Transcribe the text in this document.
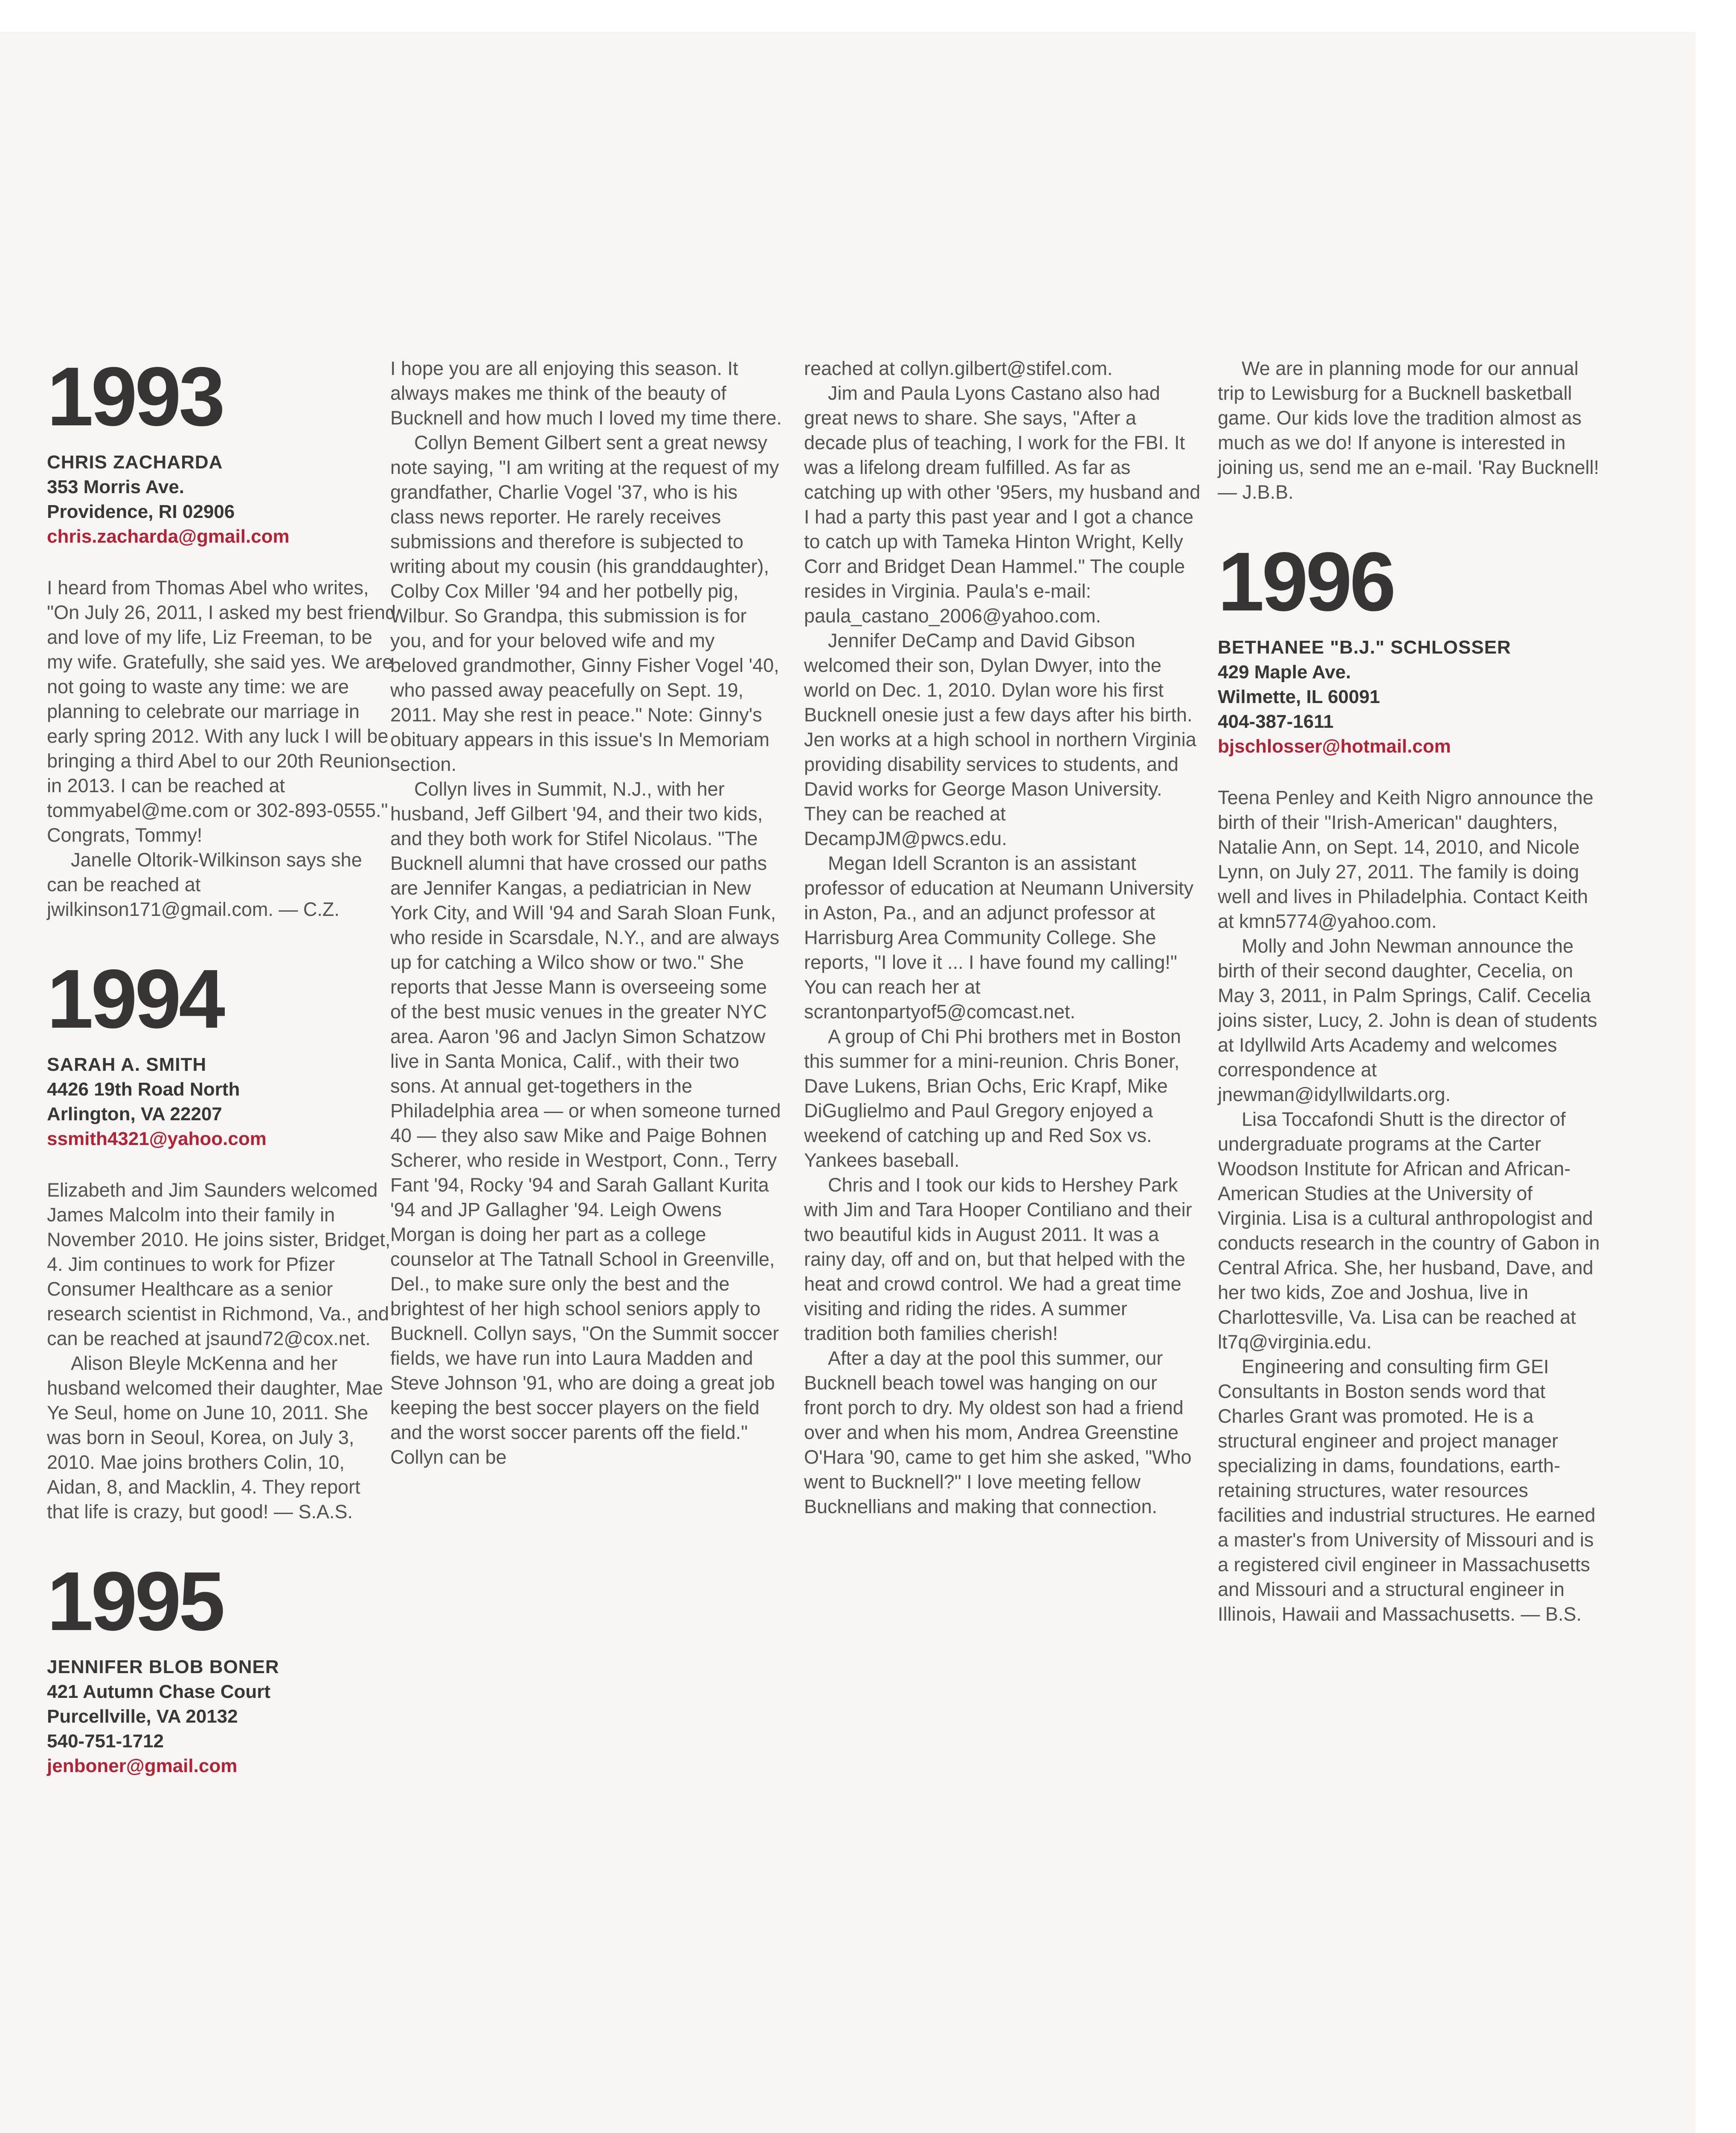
1993
CHRIS ZACHARDA
353 Morris Ave.
Providence, RI 02906
chris.zacharda@gmail.com

I heard from Thomas Abel who writes, "On July 26, 2011, I asked my best friend and love of my life, Liz Freeman, to be my wife. Gratefully, she said yes. We are not going to waste any time: we are planning to celebrate our marriage in early spring 2012. With any luck I will be bringing a third Abel to our 20th Reunion in 2013. I can be reached at tommyabel@me.com or 302-893-0555." Congrats, Tommy!

Janelle Oltorik-Wilkinson says she can be reached at jwilkinson171@gmail.com. — C.Z.

1994
SARAH A. SMITH
4426 19th Road North
Arlington, VA 22207
ssmith4321@yahoo.com

Elizabeth and Jim Saunders welcomed James Malcolm into their family in November 2010. He joins sister, Bridget, 4. Jim continues to work for Pfizer Consumer Healthcare as a senior research scientist in Richmond, Va., and can be reached at jsaund72@cox.net.

Alison Bleyle McKenna and her husband welcomed their daughter, Mae Ye Seul, home on June 10, 2011. She was born in Seoul, Korea, on July 3, 2010. Mae joins brothers Colin, 10, Aidan, 8, and Macklin, 4. They report that life is crazy, but good! — S.A.S.

1995
JENNIFER BLOB BONER
421 Autumn Chase Court
Purcellville, VA 20132
540-751-1712
jenboner@gmail.com

I hope you are all enjoying this season. It always makes me think of the beauty of Bucknell and how much I loved my time there.

Collyn Bement Gilbert sent a great newsy note saying, "I am writing at the request of my grandfather, Charlie Vogel '37, who is his class news reporter. He rarely receives submissions and therefore is subjected to writing about my cousin (his granddaughter), Colby Cox Miller '94 and her potbelly pig, Wilbur. So Grandpa, this submission is for you, and for your beloved wife and my beloved grandmother, Ginny Fisher Vogel '40, who passed away peacefully on Sept. 19, 2011. May she rest in peace." Note: Ginny's obituary appears in this issue's In Memoriam section.

Collyn lives in Summit, N.J., with her husband, Jeff Gilbert '94, and their two kids, and they both work for Stifel Nicolaus. "The Bucknell alumni that have crossed our paths are Jennifer Kangas, a pediatrician in New York City, and Will '94 and Sarah Sloan Funk, who reside in Scarsdale, N.Y., and are always up for catching a Wilco show or two." She reports that Jesse Mann is overseeing some of the best music venues in the greater NYC area. Aaron '96 and Jaclyn Simon Schatzow live in Santa Monica, Calif., with their two sons. At annual get-togethers in the Philadelphia area — or when someone turned 40 — they also saw Mike and Paige Bohnen Scherer, who reside in Westport, Conn., Terry Fant '94, Rocky '94 and Sarah Gallant Kurita '94 and JP Gallagher '94. Leigh Owens Morgan is doing her part as a college counselor at The Tatnall School in Greenville, Del., to make sure only the best and the brightest of her high school seniors apply to Bucknell. Collyn says, "On the Summit soccer fields, we have run into Laura Madden and Steve Johnson '91, who are doing a great job keeping the best soccer players on the field and the worst soccer parents off the field." Collyn can be

reached at collyn.gilbert@stifel.com.

Jim and Paula Lyons Castano also had great news to share. She says, "After a decade plus of teaching, I work for the FBI. It was a lifelong dream fulfilled. As far as catching up with other '95ers, my husband and I had a party this past year and I got a chance to catch up with Tameka Hinton Wright, Kelly Corr and Bridget Dean Hammel." The couple resides in Virginia. Paula's e-mail: paula_castano_2006@yahoo.com.

Jennifer DeCamp and David Gibson welcomed their son, Dylan Dwyer, into the world on Dec. 1, 2010. Dylan wore his first Bucknell onesie just a few days after his birth. Jen works at a high school in northern Virginia providing disability services to students, and David works for George Mason University. They can be reached at DecampJM@pwcs.edu.

Megan Idell Scranton is an assistant professor of education at Neumann University in Aston, Pa., and an adjunct professor at Harrisburg Area Community College. She reports, "I love it ... I have found my calling!" You can reach her at scrantonpartyof5@comcast.net.

A group of Chi Phi brothers met in Boston this summer for a mini-reunion. Chris Boner, Dave Lukens, Brian Ochs, Eric Krapf, Mike DiGuglielmo and Paul Gregory enjoyed a weekend of catching up and Red Sox vs. Yankees baseball.

Chris and I took our kids to Hershey Park with Jim and Tara Hooper Contiliano and their two beautiful kids in August 2011. It was a rainy day, off and on, but that helped with the heat and crowd control. We had a great time visiting and riding the rides. A summer tradition both families cherish!

After a day at the pool this summer, our Bucknell beach towel was hanging on our front porch to dry. My oldest son had a friend over and when his mom, Andrea Greenstine O'Hara '90, came to get him she asked, "Who went to Bucknell?" I love meeting fellow Bucknellians and making that connection.

We are in planning mode for our annual trip to Lewisburg for a Bucknell basketball game. Our kids love the tradition almost as much as we do! If anyone is interested in joining us, send me an e-mail. 'Ray Bucknell! — J.B.B.

1996
BETHANEE "B.J." SCHLOSSER
429 Maple Ave.
Wilmette, IL 60091
404-387-1611
bjschlosser@hotmail.com

Teena Penley and Keith Nigro announce the birth of their "Irish-American" daughters, Natalie Ann, on Sept. 14, 2010, and Nicole Lynn, on July 27, 2011. The family is doing well and lives in Philadelphia. Contact Keith at kmn5774@yahoo.com.

Molly and John Newman announce the birth of their second daughter, Cecelia, on May 3, 2011, in Palm Springs, Calif. Cecelia joins sister, Lucy, 2. John is dean of students at Idyllwild Arts Academy and welcomes correspondence at jnewman@idyllwildarts.org.

Lisa Toccafondi Shutt is the director of undergraduate programs at the Carter Woodson Institute for African and African-American Studies at the University of Virginia. Lisa is a cultural anthropologist and conducts research in the country of Gabon in Central Africa. She, her husband, Dave, and her two kids, Zoe and Joshua, live in Charlottesville, Va. Lisa can be reached at lt7q@virginia.edu.

Engineering and consulting firm GEI Consultants in Boston sends word that Charles Grant was promoted. He is a structural engineer and project manager specializing in dams, foundations, earth-retaining structures, water resources facilities and industrial structures. He earned a master's from University of Missouri and is a registered civil engineer in Massachusetts and Missouri and a structural engineer in Illinois, Hawaii and Massachusetts. — B.S.
